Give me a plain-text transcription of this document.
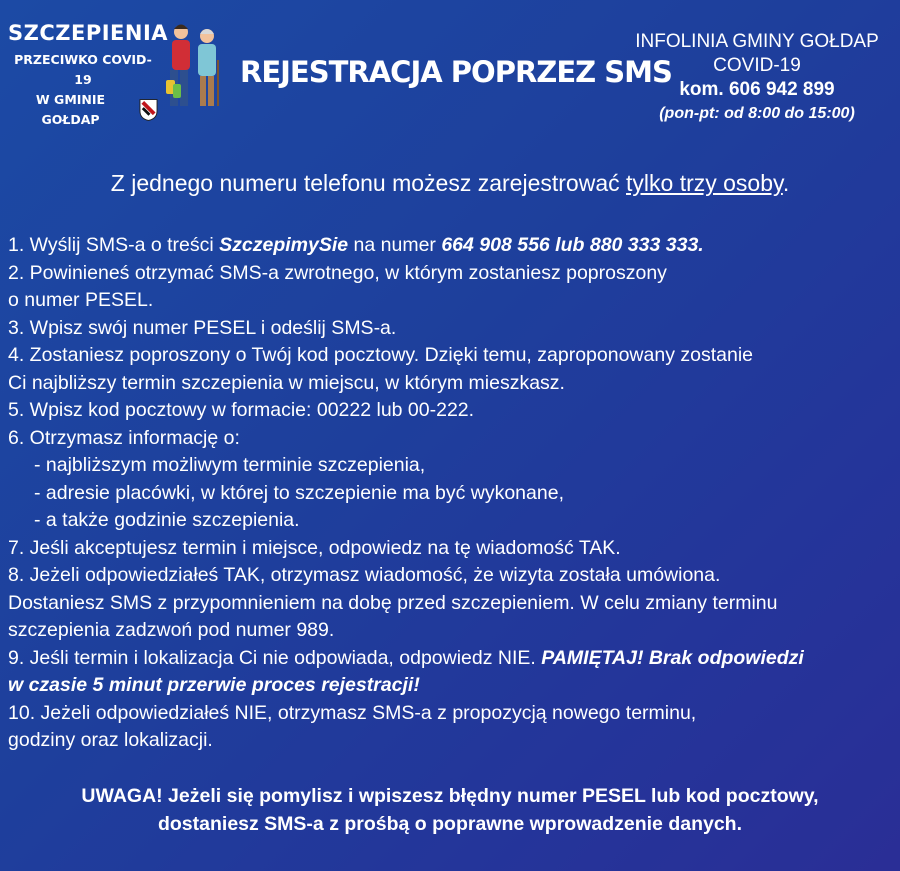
SZCZEPIENIA
PRZECIWKO COVID-19
W GMINIE GOŁDAP
REJESTRACJA POPRZEZ SMS
INFOLINIA GMINY GOŁDAP
COVID-19
kom. 606 942 899
(pon-pt: od 8:00 do 15:00)
Z jednego numeru telefonu możesz zarejestrować tylko trzy osoby.
1. Wyślij SMS-a o treści SzczepimySie na numer 664 908 556 lub 880 333 333.
2. Powinieneś otrzymać SMS-a zwrotnego, w którym zostaniesz poproszony
o numer PESEL.
3. Wpisz swój numer PESEL i odeślij SMS-a.
4. Zostaniesz poproszony o Twój kod pocztowy. Dzięki temu, zaproponowany zostanie
Ci najbliższy termin szczepienia w miejscu, w którym mieszkasz.
5. Wpisz kod pocztowy w formacie: 00222 lub 00-222.
6. Otrzymasz informację o:
- najbliższym możliwym terminie szczepienia,
- adresie placówki, w której to szczepienie ma być wykonane,
- a także godzinie szczepienia.
7. Jeśli akceptujesz termin i miejsce, odpowiedz na tę wiadomość TAK.
8. Jeżeli odpowiedziałeś TAK, otrzymasz wiadomość, że wizyta została umówiona.
Dostaniesz SMS z przypomnieniem na dobę przed szczepieniem. W celu zmiany terminu
szczepienia zadzwoń pod numer 989.
9. Jeśli termin i lokalizacja Ci nie odpowiada, odpowiedz NIE. PAMIĘTAJ! Brak odpowiedzi
w czasie 5 minut przerwie proces rejestracji!
10. Jeżeli odpowiedziałeś NIE, otrzymasz SMS-a z propozycją nowego terminu,
godziny oraz lokalizacji.
UWAGA! Jeżeli się pomylisz i wpiszesz błędny numer PESEL lub kod pocztowy,
dostaniesz SMS-a z prośbą o poprawne wprowadzenie danych.
